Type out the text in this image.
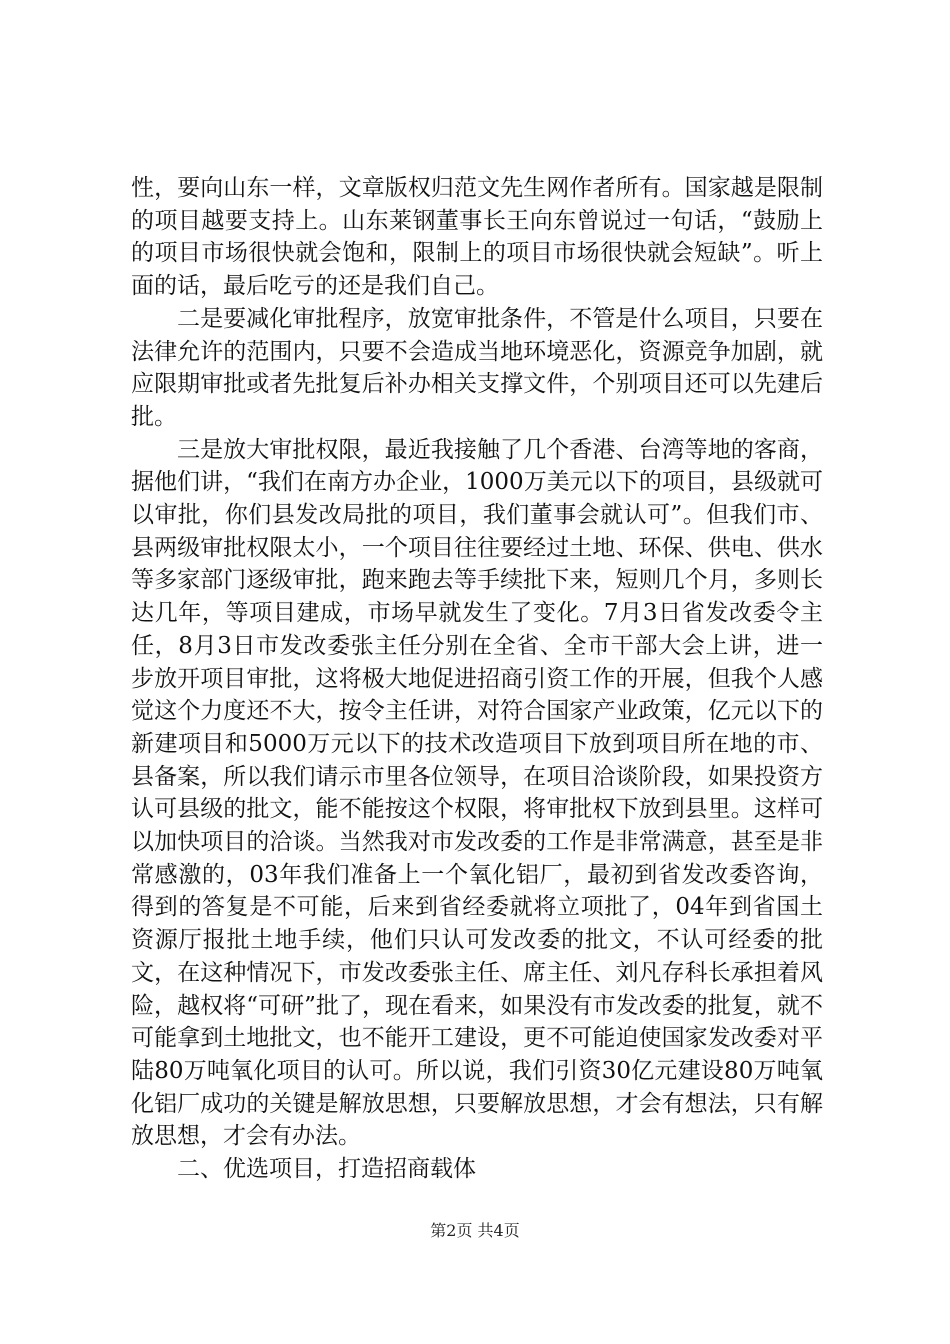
性，要向山东一样，文章版权归范文先生网作者所有。国家越是限制的项目越要支持上。山东莱钢董事长王向东曾说过一句话，“鼓励上的项目市场很快就会饱和，限制上的项目市场很快就会短缺”。听上面的话，最后吃亏的还是我们自己。

二是要减化审批程序，放宽审批条件，不管是什么项目，只要在法律允许的范围内，只要不会造成当地环境恶化，资源竞争加剧，就应限期审批或者先批复后补办相关支撑文件，个别项目还可以先建后批。

三是放大审批权限，最近我接触了几个香港、台湾等地的客商，据他们讲，“我们在南方办企业，1000万美元以下的项目，县级就可以审批，你们县发改局批的项目，我们董事会就认可”。但我们市、县两级审批权限太小，一个项目往往要经过土地、环保、供电、供水等多家部门逐级审批，跑来跑去等手续批下来，短则几个月，多则长达几年，等项目建成，市场早就发生了变化。7月3日省发改委令主任，8月3日市发改委张主任分别在全省、全市干部大会上讲，进一步放开项目审批，这将极大地促进招商引资工作的开展，但我个人感觉这个力度还不大，按令主任讲，对符合国家产业政策，亿元以下的新建项目和5000万元以下的技术改造项目下放到项目所在地的市、县备案，所以我们请示市里各位领导，在项目洽谈阶段，如果投资方认可县级的批文，能不能按这个权限，将审批权下放到县里。这样可以加快项目的洽谈。当然我对市发改委的工作是非常满意，甚至是非常感激的，03年我们准备上一个氧化铝厂，最初到省发改委咨询，得到的答复是不可能，后来到省经委就将立项批了，04年到省国土资源厅报批土地手续，他们只认可发改委的批文，不认可经委的批文，在这种情况下，市发改委张主任、席主任、刘凡存科长承担着风险，越权将“可研”批了，现在看来，如果没有市发改委的批复，就不可能拿到土地批文，也不能开工建设，更不可能迫使国家发改委对平陆80万吨氧化项目的认可。所以说，我们引资30亿元建设80万吨氧化铝厂成功的关键是解放思想，只要解放思想，才会有想法，只有解放思想，才会有办法。

二、优选项目，打造招商载体

第2页 共4页
